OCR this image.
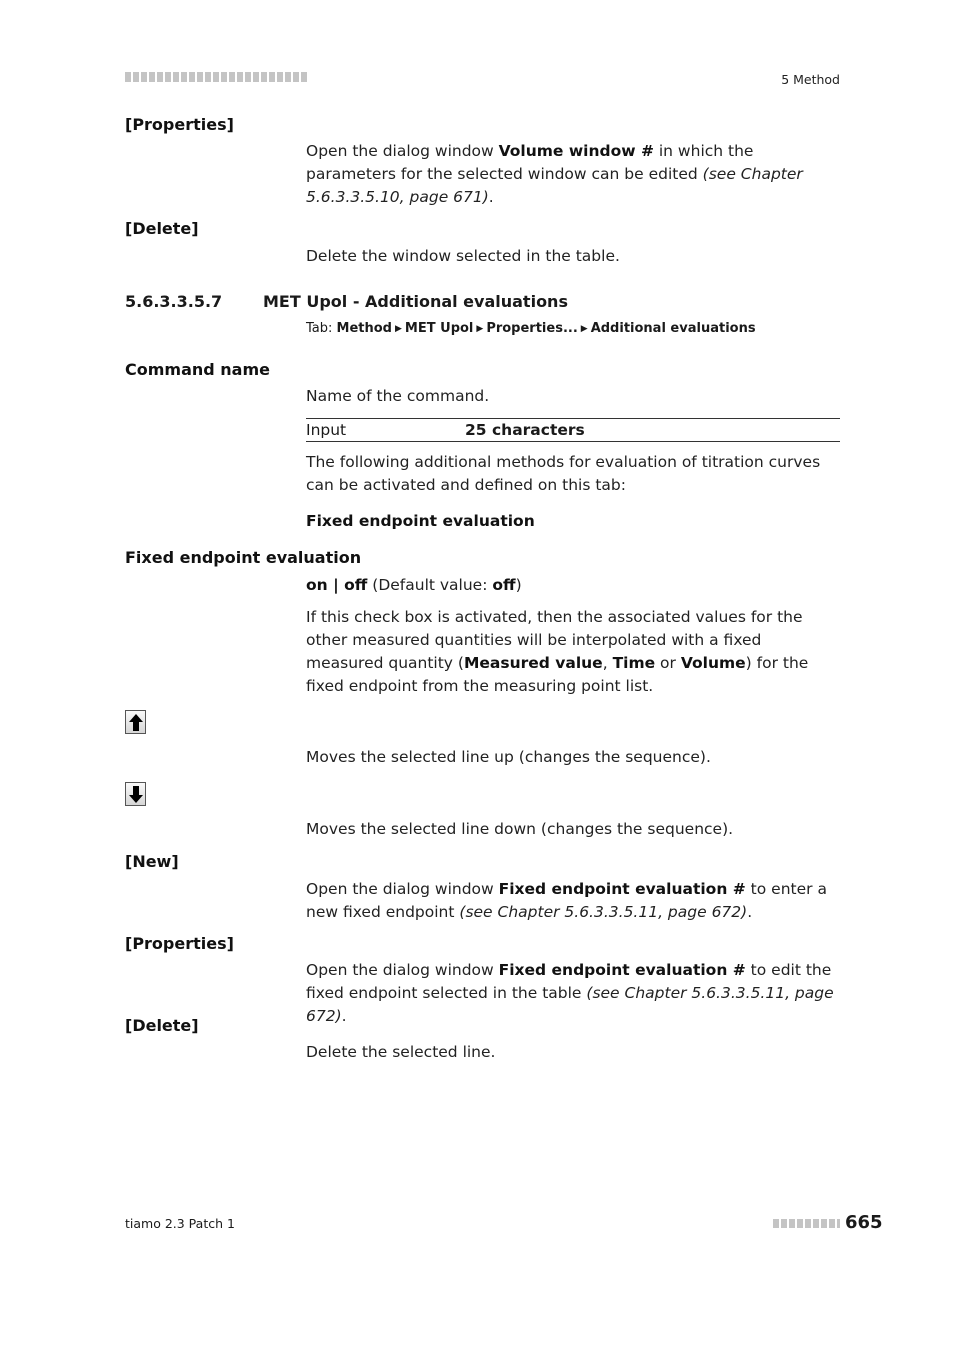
5 Method
[Properties]
Open the dialog window Volume window # in which the parameters for the selected window can be edited (see Chapter 5.6.3.3.5.10, page 671).
[Delete]
Delete the window selected in the table.
5.6.3.3.5.7	MET Upol - Additional evaluations
Tab: Method ▶ MET Upol ▶ Properties... ▶ Additional evaluations
Command name
Name of the command.
Input	25 characters
The following additional methods for evaluation of titration curves can be activated and defined on this tab:
Fixed endpoint evaluation
Fixed endpoint evaluation
on | off (Default value: off)
If this check box is activated, then the associated values for the other measured quantities will be interpolated with a fixed measured quantity (Measured value, Time or Volume) for the fixed endpoint from the measuring point list.
Moves the selected line up (changes the sequence).
Moves the selected line down (changes the sequence).
[New]
Open the dialog window Fixed endpoint evaluation # to enter a new fixed endpoint (see Chapter 5.6.3.3.5.11, page 672).
[Properties]
Open the dialog window Fixed endpoint evaluation # to edit the fixed endpoint selected in the table (see Chapter 5.6.3.3.5.11, page 672).
[Delete]
Delete the selected line.
tiamo 2.3 Patch 1	665
